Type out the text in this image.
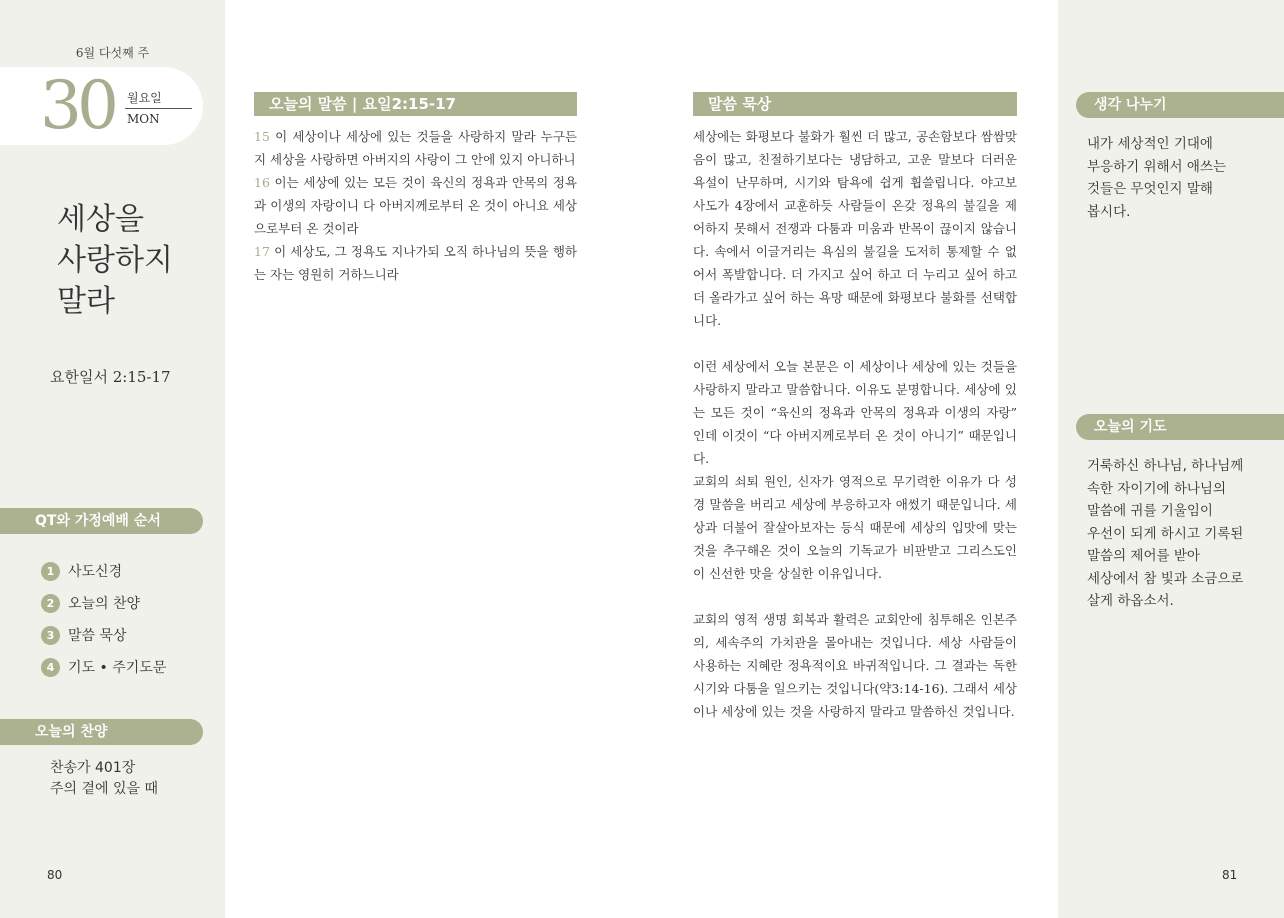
6월 다섯째 주
30 월요일
MON
세상을
사랑하지
말라
요한일서 2:15-17
QT와 가정예배 순서
1 사도신경
2 오늘의 찬양
3 말씀 묵상
4 기도 • 주기도문
오늘의 찬양
찬송가 401장
주의 곁에 있을 때
80
오늘의 말씀 | 요일2:15-17
15 이 세상이나 세상에 있는 것들을 사랑하지 말라 누구든지 세상을 사랑하면 아버지의 사랑이 그 안에 있지 아니하니
16 이는 세상에 있는 모든 것이 육신의 정욕과 안목의 정욕과 이생의 자랑이니 다 아버지께로부터 온 것이 아니요 세상으로부터 온 것이라
17 이 세상도, 그 정욕도 지나가되 오직 하나님의 뜻을 행하는 자는 영원히 거하느니라
말씀 묵상

세상에는 화평보다 불화가 훨씬 더 많고, 공손함보다 쌈쌈맞음이 많고, 친절하기보다는 냉담하고, 고운 말보다 더러운 욕설이 난무하며, 시기와 탐욕에 쉽게 휩쓸립니다. 야고보 사도가 4장에서 교훈하듯 사람들이 온갖 정욕의 불길을 제어하지 못해서 전쟁과 다툼과 미움과 반목이 끊이지 않습니다. 속에서 이글거리는 욕심의 불길을 도저히 통제할 수 없어서 폭발합니다. 더 가지고 싶어 하고 더 누리고 싶어 하고 더 올라가고 싶어 하는 욕망 때문에 화평보다 불화를 선택합니다.

이런 세상에서 오늘 본문은 이 세상이나 세상에 있는 것들을 사랑하지 말라고 말씀합니다. 이유도 분명합니다. 세상에 있는 모든 것이 “육신의 정욕과 안목의 정욕과 이생의 자랑” 인데 이것이 “다 아버지께로부터 온 것이 아니기” 때문입니다.

교회의 쇠퇴 원인, 신자가 영적으로 무기력한 이유가 다 성경 말씀을 버리고 세상에 부응하고자 애썼기 때문입니다. 세상과 더불어 잘살아보자는 등식 때문에 세상의 입맛에 맞는 것을 추구해온 것이 오늘의 기독교가 비판받고 그리스도인이 신선한 맛을 상실한 이유입니다.

교회의 영적 생명 회복과 활력은 교회안에 침투해온 인본주의, 세속주의 가치관을 몰아내는 것입니다. 세상 사람들이 사용하는 지혜란 정욕적이요 바귀적입니다. 그 결과는 독한 시기와 다툼을 일으키는 것입니다(약3:14-16). 그래서 세상이나 세상에 있는 것을 사랑하지 말라고 말씀하신 것입니다.

생각 나누기
내가 세상적인 기대에
부응하기 위해서 애쓰는
것들은 무엇인지 말해
봅시다.
오늘의 기도
거룩하신 하나님, 하나님께
속한 자이기에 하나님의
말씀에 귀를 기울임이
우선이 되게 하시고 기록된
말씀의 제어를 받아
세상에서 참 빛과 소금으로
살게 하옵소서.
81
